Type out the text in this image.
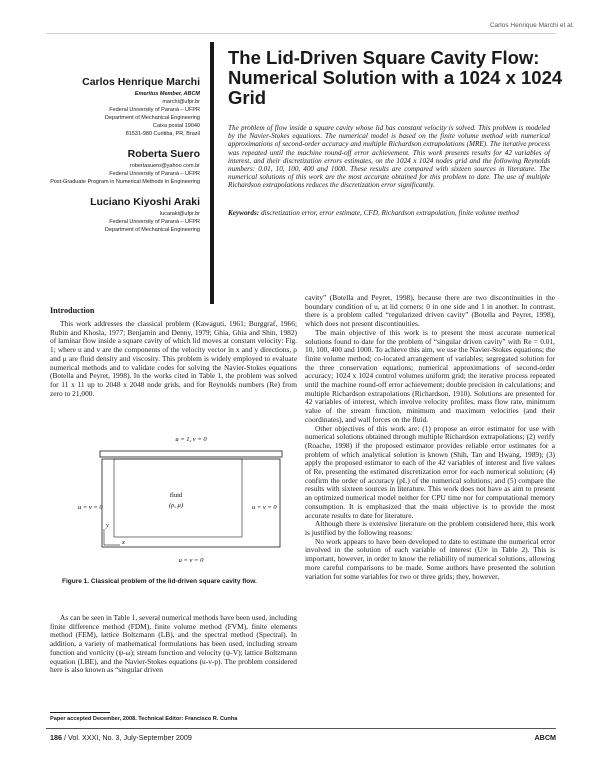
Carlos Henrique Marchi et al.
Carlos Henrique Marchi
Emeritus Member, ABCM
marchi@ufpr.br
Federal University of Paraná – UFPR
Department of Mechanical Engineering
Caixa postal 19040
81531-980 Curitiba, PR, Brazil
Roberta Suero
robertasuero@yahoo.com.br
Federal University of Paraná – UFPR
Post-Graduate Program in Numerical Methods in Engineering
Luciano Kiyoshi Araki
lucaraki@ufpr.br
Federal University of Paraná – UFPR
Department of Mechanical Engineering
The Lid-Driven Square Cavity Flow: Numerical Solution with a 1024 x 1024 Grid
The problem of flow inside a square cavity whose lid has constant velocity is solved. This problem is modeled by the Navier-Stokes equations. The numerical model is based on the finite volume method with numerical approximations of second-order accuracy and multiple Richardson extrapolations (MRE). The iterative process was repeated until the machine round-off error achievement. This work presents results for 42 variables of interest, and their discretization errors estimates, on the 1024 x 1024 nodes grid and the following Reynolds numbers: 0.01, 10, 100, 400 and 1000. These results are compared with sixteen sources in literature. The numerical solutions of this work are the most accurate obtained for this problem to date. The use of multiple Richardson extrapolations reduces the discretization error significantly.
Keywords: discretization error, error estimate, CFD, Richardson extrapolation, finite volume method
Introduction

This work addresses the classical problem (Kawaguti, 1961; Burggraf, 1966; Rubin and Khosla, 1977; Benjamin and Denny, 1979; Ghia, Ghia and Shin, 1982) of laminar flow inside a square cavity of which lid moves at constant velocity: Fig. 1; where u and v are the components of the velocity vector in x and y directions, ρ and μ are fluid density and viscosity. This problem is widely employed to evaluate numerical methods and to validate codes for solving the Navier-Stokes equations (Botella and Peyret, 1998). In the works cited in Table 1, the problem was solved for 11 x 11 up to 2048 x 2048 node grids, and for Reynolds numbers (Re) from zero to 21,000.

u = 1, v = 0
u = v = 0
u = v = 0	u = v = 0
fluid
(ρ, μ)
x
y
Figure 1. Classical problem of the lid-driven square cavity flow.

As can be seen in Table 1, several numerical methods have been used, including finite difference method (FDM), finite volume method (FVM), finite elements method (FEM), lattice Boltzmann (LB), and the spectral method (Spectral). In addition, a variety of mathematical formulations has been used, including stream function and vorticity (ψ-ω); stream function and velocity (ψ-V); lattice Boltzmann equation (LBE), and the Navier-Stokes equations (u-v-p). The problem considered here is also known as “singular driven

cavity” (Botella and Peyret, 1998), because there are two discontinuities in the boundary condition of u, at lid corners: 0 in one side and 1 in another. In contrast, there is a problem called “regularized driven cavity” (Botella and Peyret, 1998), which does not present discontinuities.

The main objective of this work is to present the most accurate numerical solutions found to date for the problem of “singular driven cavity” with Re = 0.01, 10, 100, 400 and 1000. To achieve this aim, we use the Navier-Stokes equations; the finite volume method; co-located arrangement of variables; segregated solution for the three conservation equations; numerical approximations of second-order accuracy; 1024 x 1024 control volumes uniform grid; the iterative process repeated until the machine round-off error achievement; double precision in calculations; and multiple Richardson extrapolations (Richardson, 1910). Solutions are presented for 42 variables of interest, which involve velocity profiles, mass flow rate, minimum value of the stream function, minimum and maximum velocities (and their coordinates), and wall forces on the fluid.

Other objectives of this work are: (1) propose an error estimator for use with numerical solutions obtained through multiple Richardson extrapolations; (2) verify (Roache, 1998) if the proposed estimator provides reliable error estimates for a problem of which analytical solution is known (Shih, Tan and Hwang, 1989); (3) apply the proposed estimator to each of the 42 variables of interest and five values of Re, presenting the estimated discretization error for each numerical solution; (4) confirm the order of accuracy (pL) of the numerical solutions; and (5) compare the results with sixteen sources in literature. This work does not have as aim to present an optimized numerical model neither for CPU time nor for computational memory consumption. It is emphasized that the main objective is to provide the most accurate results to date for literature.

Although there is extensive literature on the problem considered here, this work is justified by the following reasons:

No work appears to have been developed to date to estimate the numerical error involved in the solution of each variable of interest (U∞ in Table 2). This is important, however, in order to know the reliability of numerical solutions, allowing more careful comparisons to be made. Some authors have presented the solution variation for some variables for two or three grids; they, however,

Paper accepted December, 2008. Technical Editor: Francisco R. Cunha
186 / Vol. XXXI, No. 3, July-September 2009	ABCM
